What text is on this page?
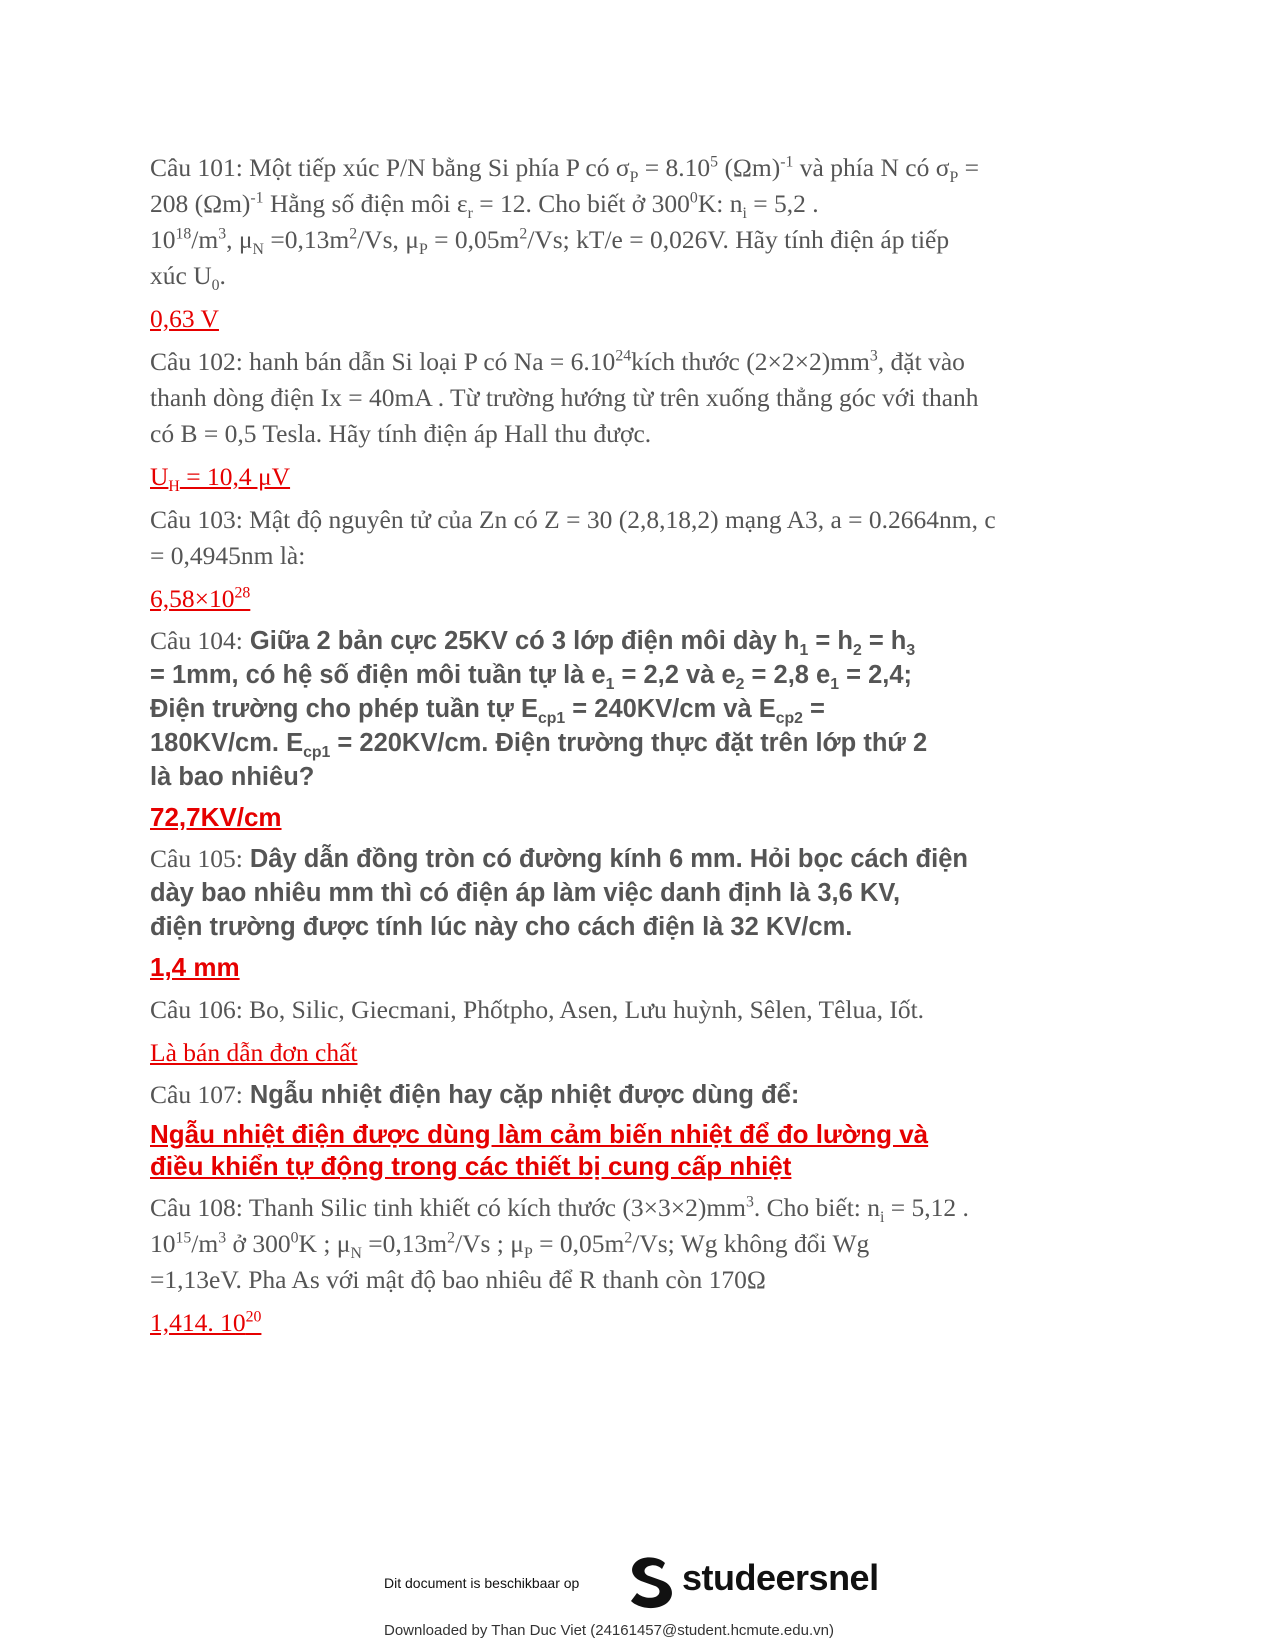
Câu 101: Một tiếp xúc P/N bằng Si phía P có $\sigma_P = 8.10^5$ $(\Omega m)^{-1}$ và phía N có $\sigma_P$ =
208 $(\Omega m)^{-1}$ Hằng số điện môi $\varepsilon_r = 12$. Cho biết ở $300^0K$: $n_i = 5,2$ .
$10^{18}/m^3$, $\mu_N =0,13m^2/Vs$, $\mu_P = 0,05m^2/Vs$; kT/e = 0,026V. Hãy tính điện áp tiếp
xúc $U_0$.

0,63 V

Câu 102: hanh bán dẫn Si loại P có $Na = 6.10^{24}kích$ thước $(2\times 2\times 2)mm^3$, đặt vào
thanh dòng điện Ix = 40mA . Từ trường hướng từ trên xuống thẳng góc với thanh
có B = 0,5 Tesla. Hãy tính điện áp Hall thu được.

$U_H = 10,4$ μV

Câu 103: Mật độ nguyên tử của Zn có Z = 30 (2,8,18,2) mạng A3, a = 0.2664nm, c
= 0,4945nm là:

$6,58\times 10^{28}$

Câu 104: Giữa 2 bản cực 25KV có 3 lớp điện môi dày $h_1 = h_2 = h_3$
= 1mm, có hệ số điện môi tuần tự là $e_1 = 2,2$ và $e_2 = 2,8$ $e_1 = 2,4$;
Điện trường cho phép tuần tự $E_{cp1} = 240KV/cm$ và $E_{cp2}$ =
180KV/cm. $E_{cp1} = 220KV/cm$. Điện trường thực đặt trên lớp thứ 2
là bao nhiêu?

72,7KV/cm

Câu 105: Dây dẫn đồng tròn có đường kính 6 mm. Hỏi bọc cách điện
dày bao nhiêu mm thì có điện áp làm việc danh định là 3,6 KV,
điện trường được tính lúc này cho cách điện là 32 KV/cm.

1,4 mm

Câu 106: Bo, Silic, Giecmani, Phốtpho, Asen, Lưu huỳnh, Sêlen, Têlua, Iốt.

Là bán dẫn đơn chất

Câu 107: Ngẫu nhiệt điện hay cặp nhiệt được dùng để:

Ngẫu nhiệt điện được dùng làm cảm biến nhiệt để đo lường và
điều khiển tự động trong các thiết bị cung cấp nhiệt

Câu 108: Thanh Silic tinh khiết có kích thước $(3\times 3\times 2)mm^3$. Cho biết: $n_i = 5,12$ .
$10^{15}/m^3$ ở $300^0K$ ; $\mu_N =0,13m^2/Vs$ ; $\mu_P = 0,05m^2/Vs$; Wg không đổi Wg
=1,13eV. Pha As với mật độ bao nhiêu để R thanh còn 170Ω

1,414. $10^{20}$

Dit document is beschikbaar op	studeersnel
Downloaded by Than Duc Viet (24161457@student.hcmute.edu.vn)
